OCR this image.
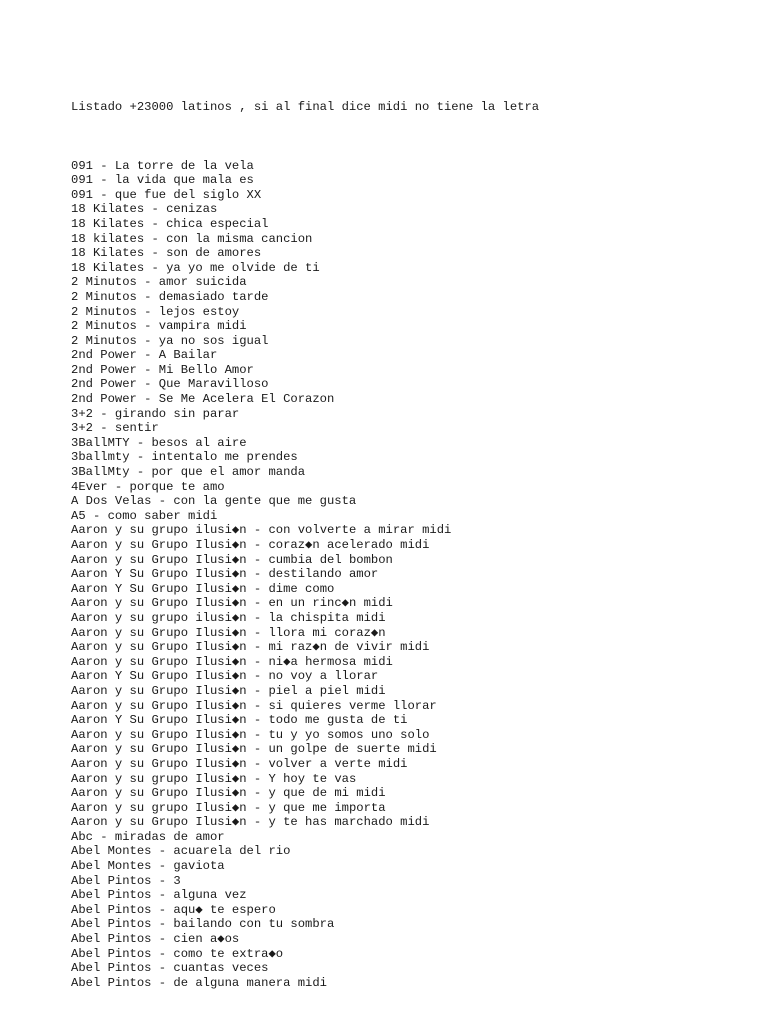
Listado +23000 latinos , si al final dice midi no tiene la letra

091 - La torre de la vela
091 - la vida que mala es
091 - que fue del siglo XX
18 Kilates - cenizas
18 Kilates - chica especial
18 kilates - con la misma cancion
18 Kilates - son de amores
18 Kilates - ya yo me olvide de ti
2 Minutos - amor suicida
2 Minutos - demasiado tarde
2 Minutos - lejos estoy
2 Minutos - vampira midi
2 Minutos - ya no sos igual
2nd Power - A Bailar
2nd Power - Mi Bello Amor
2nd Power - Que Maravilloso
2nd Power - Se Me Acelera El Corazon
3+2 - girando sin parar
3+2 - sentir
3BallMTY - besos al aire
3ballmty - intentalo me prendes
3BallMty - por que el amor manda
4Ever - porque te amo
A Dos Velas - con la gente que me gusta
A5 - como saber midi
Aaron y su grupo ilusi◆n - con volverte a mirar midi
Aaron y su Grupo Ilusi◆n - coraz◆n acelerado midi
Aaron y su Grupo Ilusi◆n - cumbia del bombon
Aaron Y Su Grupo Ilusi◆n - destilando amor
Aaron Y Su Grupo Ilusi◆n - dime como
Aaron y su Grupo Ilusi◆n - en un rinc◆n midi
Aaron y su grupo ilusi◆n - la chispita midi
Aaron y su Grupo Ilusi◆n - llora mi coraz◆n
Aaron y su Grupo Ilusi◆n - mi raz◆n de vivir midi
Aaron y su Grupo Ilusi◆n - ni◆a hermosa midi
Aaron Y Su Grupo Ilusi◆n - no voy a llorar
Aaron y su Grupo Ilusi◆n - piel a piel midi
Aaron y su Grupo Ilusi◆n - si quieres verme llorar
Aaron Y Su Grupo Ilusi◆n - todo me gusta de ti
Aaron y su Grupo Ilusi◆n - tu y yo somos uno solo
Aaron y su Grupo Ilusi◆n - un golpe de suerte midi
Aaron y su Grupo Ilusi◆n - volver a verte midi
Aaron y su grupo Ilusi◆n - Y hoy te vas
Aaron y su Grupo Ilusi◆n - y que de mi midi
Aaron y su grupo Ilusi◆n - y que me importa
Aaron y su Grupo Ilusi◆n - y te has marchado midi
Abc - miradas de amor
Abel Montes - acuarela del rio
Abel Montes - gaviota
Abel Pintos - 3
Abel Pintos - alguna vez
Abel Pintos - aqu◆ te espero
Abel Pintos - bailando con tu sombra
Abel Pintos - cien a◆os
Abel Pintos - como te extra◆o
Abel Pintos - cuantas veces
Abel Pintos - de alguna manera midi
